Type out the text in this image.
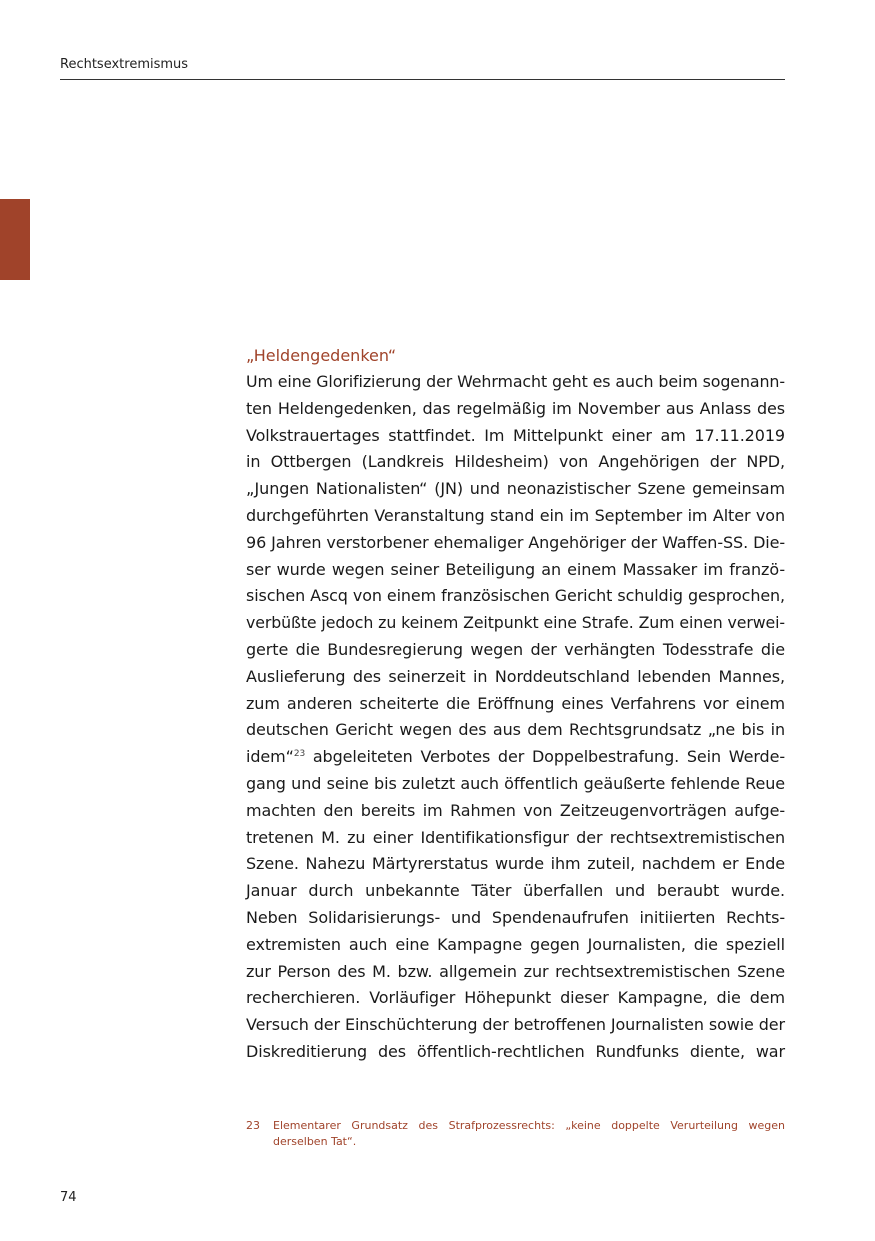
Rechtsextremismus
„Heldengedenken“
Um eine Glorifizierung der Wehrmacht geht es auch beim sogenann-
ten Heldengedenken, das regelmäßig im November aus Anlass des
Volkstrauertages stattfindet. Im Mittelpunkt einer am 17.11.2019
in Ottbergen (Landkreis Hildesheim) von Angehörigen der NPD,
„Jungen Nationalisten“ (JN) und neonazistischer Szene gemeinsam
durchgeführten Veranstaltung stand ein im September im Alter von
96 Jahren verstorbener ehemaliger Angehöriger der Waffen-SS. Die-
ser wurde wegen seiner Beteiligung an einem Massaker im franzö-
sischen Ascq von einem französischen Gericht schuldig gesprochen,
verbüßte jedoch zu keinem Zeitpunkt eine Strafe. Zum einen verwei-
gerte die Bundesregierung wegen der verhängten Todesstrafe die
Auslieferung des seinerzeit in Norddeutschland lebenden Mannes,
zum anderen scheiterte die Eröffnung eines Verfahrens vor einem
deutschen Gericht wegen des aus dem Rechtsgrundsatz „ne bis in
idem“$^{23}$ abgeleiteten Verbotes der Doppelbestrafung. Sein Werde-
gang und seine bis zuletzt auch öffentlich geäußerte fehlende Reue
machten den bereits im Rahmen von Zeitzeugenvorträgen aufge-
tretenen M. zu einer Identifikationsfigur der rechtsextremistischen
Szene. Nahezu Märtyrerstatus wurde ihm zuteil, nachdem er Ende
Januar durch unbekannte Täter überfallen und beraubt wurde.
Neben Solidarisierungs- und Spendenaufrufen initiierten Rechts-
extremisten auch eine Kampagne gegen Journalisten, die speziell
zur Person des M. bzw. allgemein zur rechtsextremistischen Szene
recherchieren. Vorläufiger Höhepunkt dieser Kampagne, die dem
Versuch der Einschüchterung der betroffenen Journalisten sowie der
Diskreditierung des öffentlich-rechtlichen Rundfunks diente, war
23 Elementarer Grundsatz des Strafprozessrechts: „keine doppelte Verurteilung wegen
derselben Tat“.
74
